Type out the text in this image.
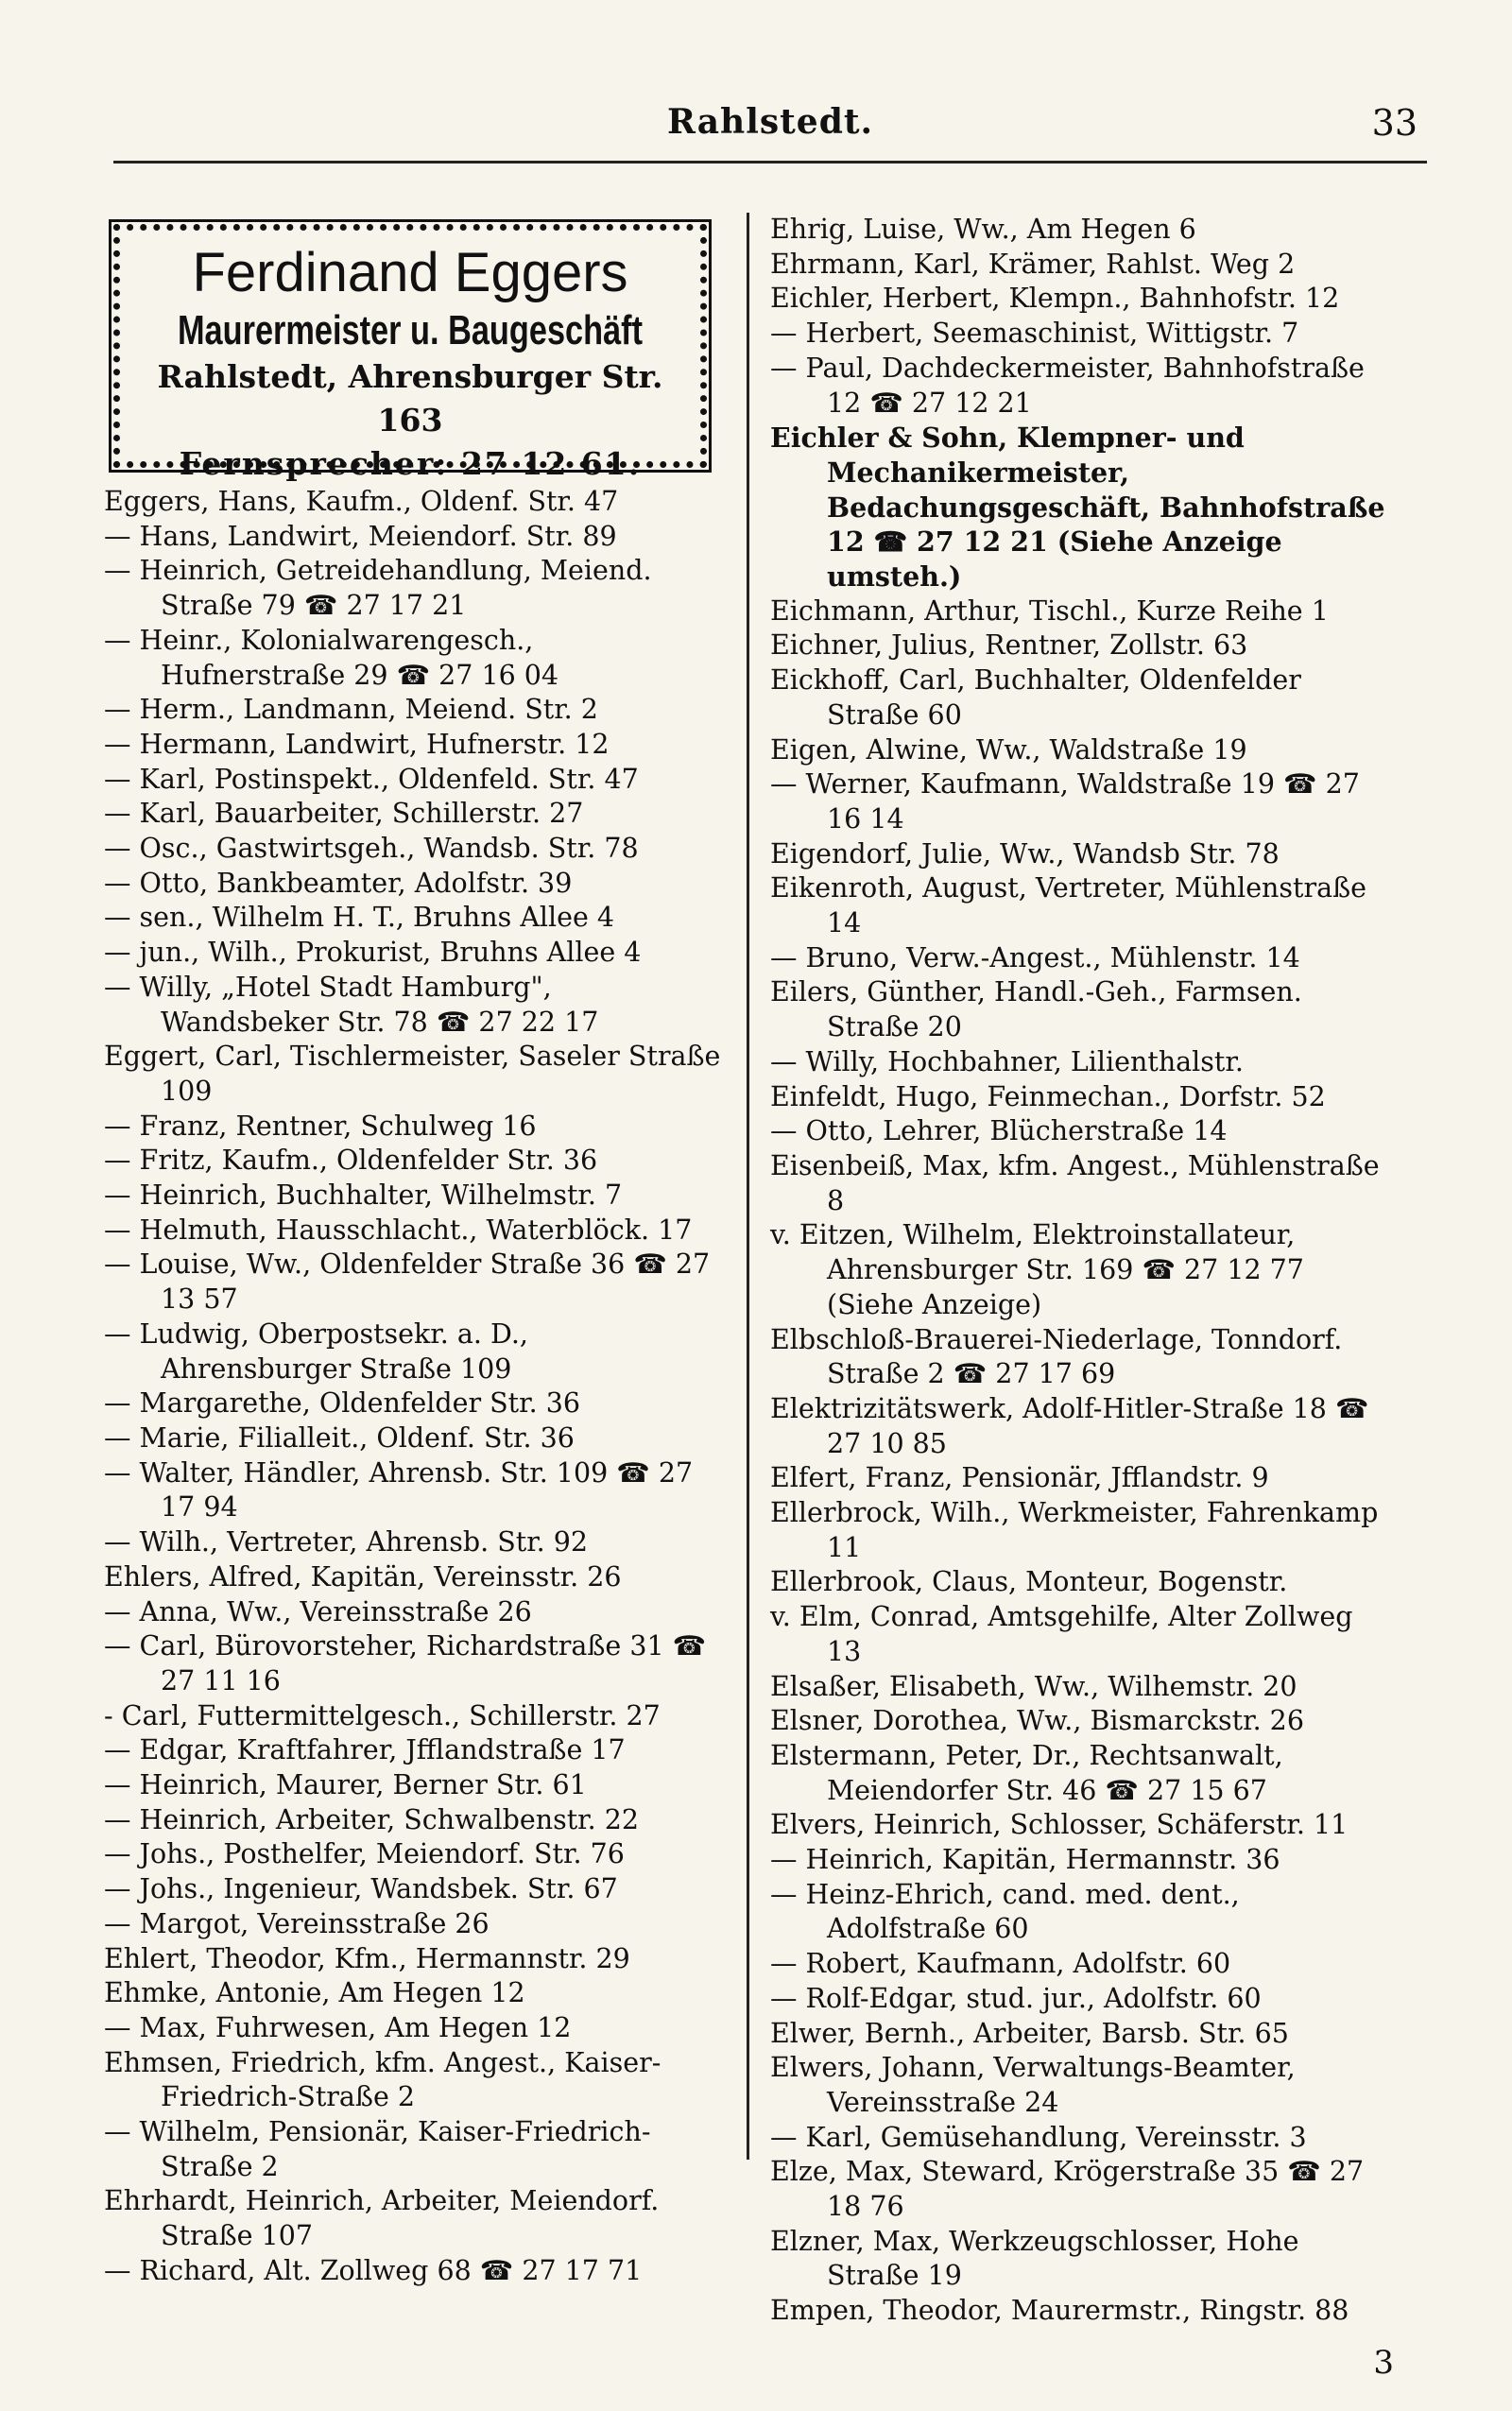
Rahlstedt.	33
Ferdinand Eggers
Maurermeister u. Baugeschäft
Rahlstedt, Ahrensburger Str. 163
Fernsprecher: 27 12 61.
Eggers, Hans, Kaufm., Oldenf. Str. 47
— Hans, Landwirt, Meiendorf. Str. 89
— Heinrich, Getreidehandlung, Meiend. Straße 79 ☎ 27 17 21
— Heinr., Kolonialwarengesch., Hufnerstraße 29 ☎ 27 16 04
— Herm., Landmann, Meiend. Str. 2
— Hermann, Landwirt, Hufnerstr. 12
— Karl, Postinspekt., Oldenfeld. Str. 47
— Karl, Bauarbeiter, Schillerstr. 27
— Osc., Gastwirtsgeh., Wandsb. Str. 78
— Otto, Bankbeamter, Adolfstr. 39
— sen., Wilhelm H. T., Bruhns Allee 4
— jun., Wilh., Prokurist, Bruhns Allee 4
— Willy, „Hotel Stadt Hamburg", Wandsbeker Str. 78 ☎ 27 22 17
Eggert, Carl, Tischlermeister, Saseler Straße 109
— Franz, Rentner, Schulweg 16
— Fritz, Kaufm., Oldenfelder Str. 36
— Heinrich, Buchhalter, Wilhelmstr. 7
— Helmuth, Hausschlacht., Waterblöck. 17
— Louise, Ww., Oldenfelder Straße 36 ☎ 27 13 57
— Ludwig, Oberpostsekr. a. D., Ahrensburger Straße 109
— Margarethe, Oldenfelder Str. 36
— Marie, Filialleit., Oldenf. Str. 36
— Walter, Händler, Ahrensb. Str. 109 ☎ 27 17 94
— Wilh., Vertreter, Ahrensb. Str. 92
Ehlers, Alfred, Kapitän, Vereinsstr. 26
— Anna, Ww., Vereinsstraße 26
— Carl, Bürovorsteher, Richardstraße 31 ☎ 27 11 16
- Carl, Futtermittelgesch., Schillerstr. 27
— Edgar, Kraftfahrer, Jfflandstraße 17
— Heinrich, Maurer, Berner Str. 61
— Heinrich, Arbeiter, Schwalbenstr. 22
— Johs., Posthelfer, Meiendorf. Str. 76
— Johs., Ingenieur, Wandsbek. Str. 67
— Margot, Vereinsstraße 26
Ehlert, Theodor, Kfm., Hermannstr. 29
Ehmke, Antonie, Am Hegen 12
— Max, Fuhrwesen, Am Hegen 12
Ehmsen, Friedrich, kfm. Angest., Kaiser-Friedrich-Straße 2
— Wilhelm, Pensionär, Kaiser-Friedrich-Straße 2
Ehrhardt, Heinrich, Arbeiter, Meiendorf. Straße 107
— Richard, Alt. Zollweg 68 ☎ 27 17 71
Ehrig, Luise, Ww., Am Hegen 6
Ehrmann, Karl, Krämer, Rahlst. Weg 2
Eichler, Herbert, Klempn., Bahnhofstr. 12
— Herbert, Seemaschinist, Wittigstr. 7
— Paul, Dachdeckermeister, Bahnhofstraße 12 ☎ 27 12 21
Eichler & Sohn, Klempner- und Mechanikermeister, Bedachungsgeschäft, Bahnhofstraße 12 ☎ 27 12 21 (Siehe Anzeige umsteh.)
Eichmann, Arthur, Tischl., Kurze Reihe 1
Eichner, Julius, Rentner, Zollstr. 63
Eickhoff, Carl, Buchhalter, Oldenfelder Straße 60
Eigen, Alwine, Ww., Waldstraße 19
— Werner, Kaufmann, Waldstraße 19 ☎ 27 16 14
Eigendorf, Julie, Ww., Wandsb Str. 78
Eikenroth, August, Vertreter, Mühlenstraße 14
— Bruno, Verw.-Angest., Mühlenstr. 14
Eilers, Günther, Handl.-Geh., Farmsen. Straße 20
— Willy, Hochbahner, Lilienthalstr.
Einfeldt, Hugo, Feinmechan., Dorfstr. 52
— Otto, Lehrer, Blücherstraße 14
Eisenbeiß, Max, kfm. Angest., Mühlenstraße 8
v. Eitzen, Wilhelm, Elektroinstallateur, Ahrensburger Str. 169 ☎ 27 12 77 (Siehe Anzeige)
Elbschloß-Brauerei-Niederlage, Tonndorf. Straße 2 ☎ 27 17 69
Elektrizitätswerk, Adolf-Hitler-Straße 18 ☎ 27 10 85
Elfert, Franz, Pensionär, Jfflandstr. 9
Ellerbrock, Wilh., Werkmeister, Fahrenkamp 11
Ellerbrook, Claus, Monteur, Bogenstr.
v. Elm, Conrad, Amtsgehilfe, Alter Zollweg 13
Elsaßer, Elisabeth, Ww., Wilhemstr. 20
Elsner, Dorothea, Ww., Bismarckstr. 26
Elstermann, Peter, Dr., Rechtsanwalt, Meiendorfer Str. 46 ☎ 27 15 67
Elvers, Heinrich, Schlosser, Schäferstr. 11
— Heinrich, Kapitän, Hermannstr. 36
— Heinz-Ehrich, cand. med. dent., Adolfstraße 60
— Robert, Kaufmann, Adolfstr. 60
— Rolf-Edgar, stud. jur., Adolfstr. 60
Elwer, Bernh., Arbeiter, Barsb. Str. 65
Elwers, Johann, Verwaltungs-Beamter, Vereinsstraße 24
— Karl, Gemüsehandlung, Vereinsstr. 3
Elze, Max, Steward, Krögerstraße 35 ☎ 27 18 76
Elzner, Max, Werkzeugschlosser, Hohe Straße 19
Empen, Theodor, Maurermstr., Ringstr. 88
3
